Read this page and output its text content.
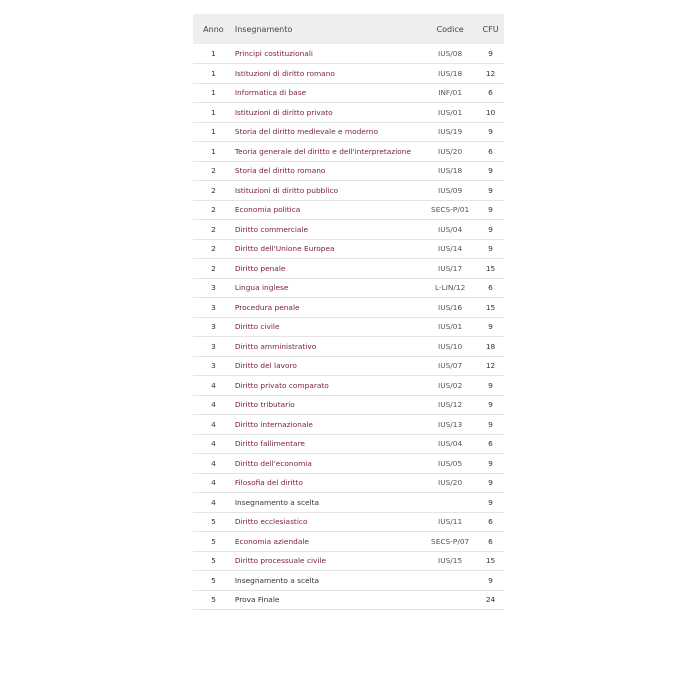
Anno	Insegnamento	Codice	CFU
1	Principi costituzionali	IUS/08	9
1	Istituzioni di diritto romano	IUS/18	12
1	Informatica di base	INF/01	6
1	Istituzioni di diritto privato	IUS/01	10
1	Storia del diritto medievale e moderno	IUS/19	9
1	Teoria generale del diritto e dell'interpretazione	IUS/20	6
2	Storia del diritto romano	IUS/18	9
2	Istituzioni di diritto pubblico	IUS/09	9
2	Economia politica	SECS-P/01	9
2	Diritto commerciale	IUS/04	9
2	Diritto dell'Unione Europea	IUS/14	9
2	Diritto penale	IUS/17	15
3	Lingua inglese	L-LIN/12	6
3	Procedura penale	IUS/16	15
3	Diritto civile	IUS/01	9
3	Diritto amministrativo	IUS/10	18
3	Diritto del lavoro	IUS/07	12
4	Diritto privato comparato	IUS/02	9
4	Diritto tributario	IUS/12	9
4	Diritto internazionale	IUS/13	9
4	Diritto fallimentare	IUS/04	6
4	Diritto dell'economia	IUS/05	9
4	Filosofia del diritto	IUS/20	9
4	Insegnamento a scelta		9
5	Diritto ecclesiastico	IUS/11	6
5	Economia aziendale	SECS-P/07	6
5	Diritto processuale civile	IUS/15	15
5	Insegnamento a scelta		9
5	Prova Finale		24
